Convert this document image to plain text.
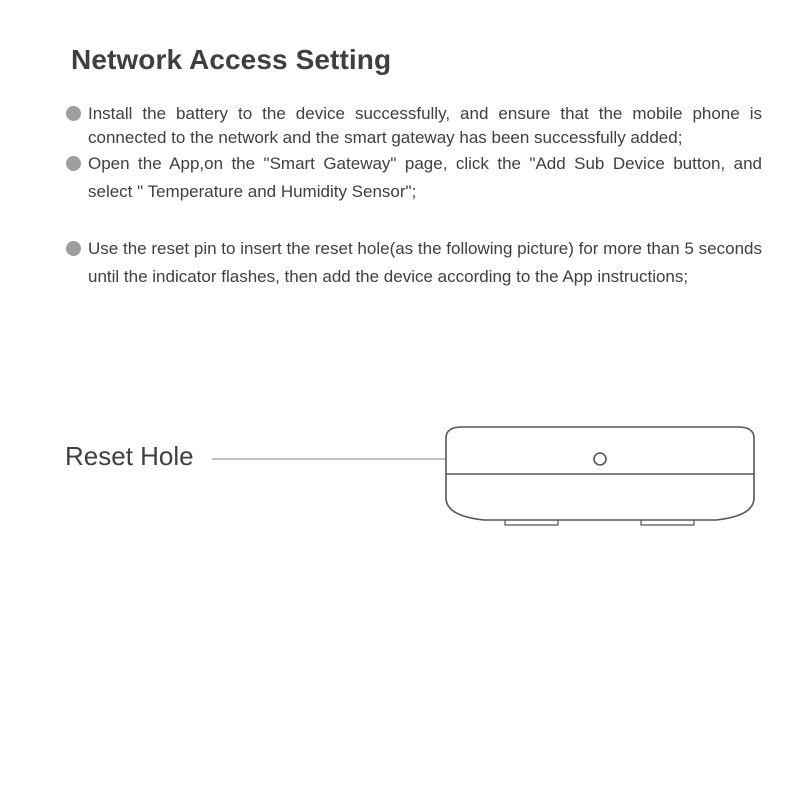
Network Access Setting
Install the battery to the device successfully, and ensure that the mobile phone is connected to the network and the smart gateway has been successfully added;
Open the App,on the "Smart Gateway" page, click the "Add Sub Device button, and select " Temperature and Humidity Sensor";
Use the reset pin to insert the reset hole(as the following picture) for more than 5 seconds until the indicator flashes, then add the device according to the App instructions;
Reset Hole
